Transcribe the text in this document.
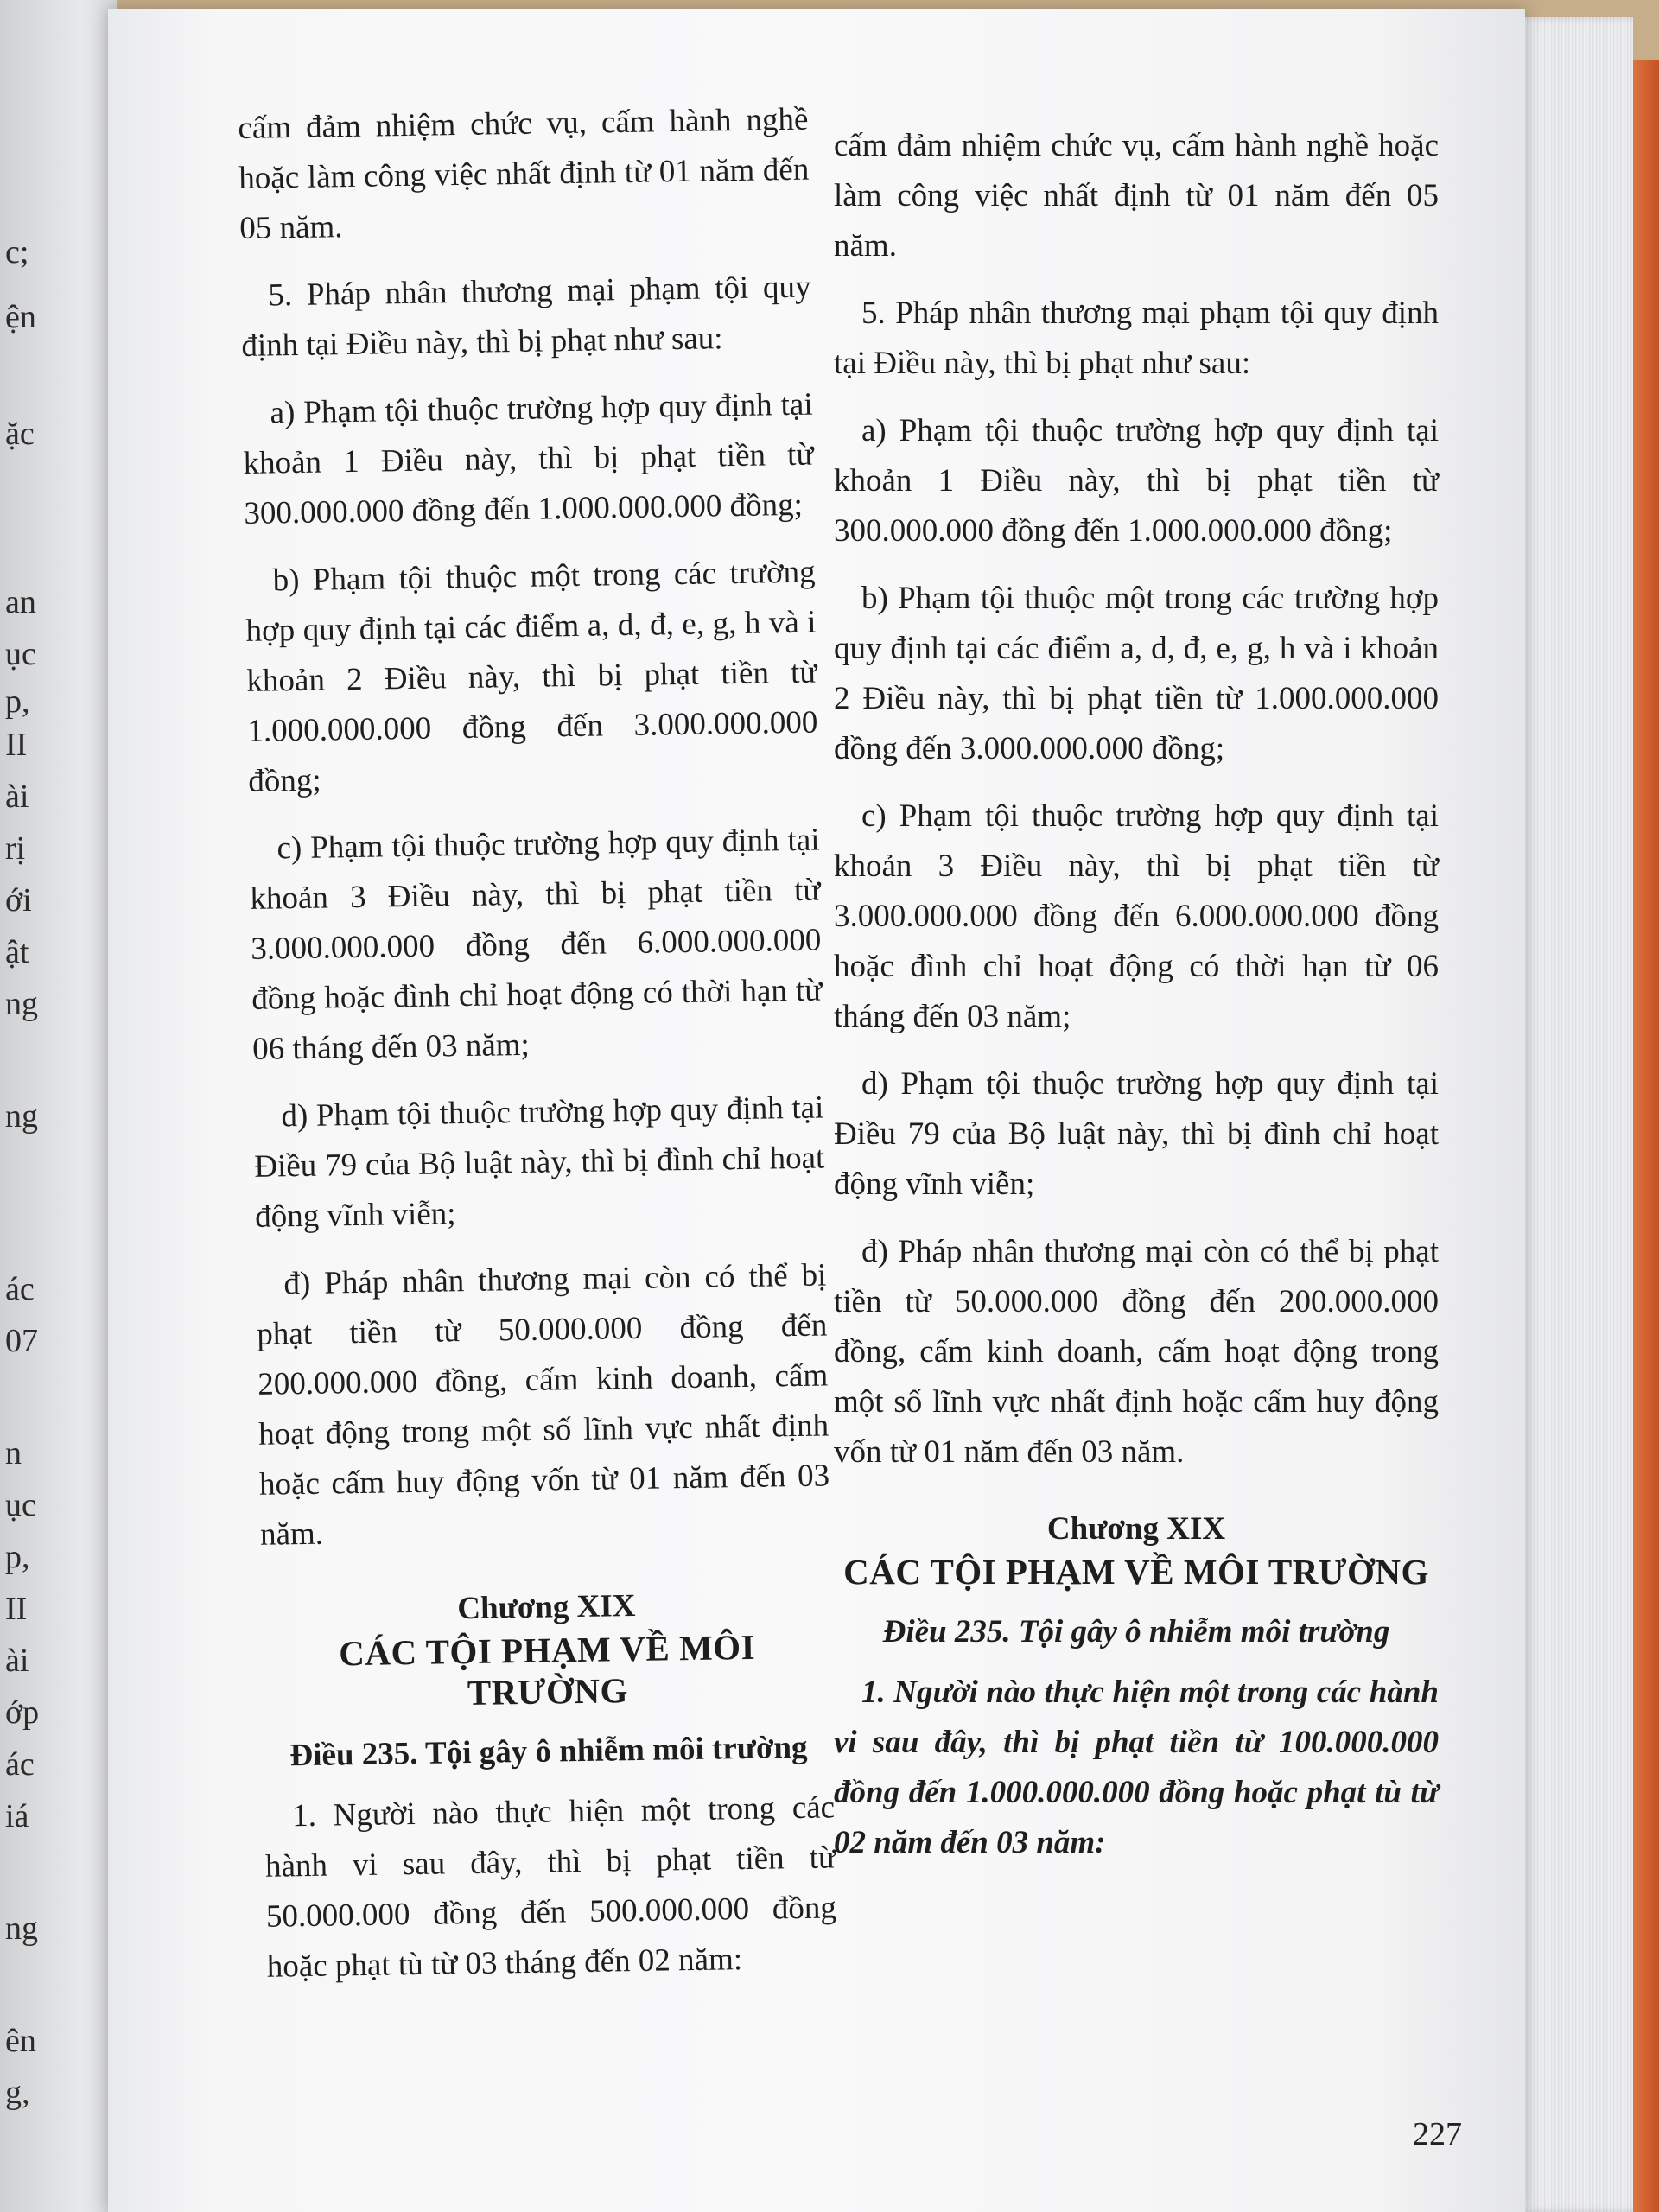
c;
ện
ặc
an
ục
p,
II
ài
rị
ới
ật
ng
ng
ác
07
n
ục
p,
II
ài
ớp
ác
iá
ng
ên
g,

cấm đảm nhiệm chức vụ, cấm hành nghề hoặc làm công việc nhất định từ 01 năm đến 05 năm.

5. Pháp nhân thương mại phạm tội quy định tại Điều này, thì bị phạt như sau:

a) Phạm tội thuộc trường hợp quy định tại khoản 1 Điều này, thì bị phạt tiền từ 300.000.000 đồng đến 1.000.000.000 đồng;

b) Phạm tội thuộc một trong các trường hợp quy định tại các điểm a, d, đ, e, g, h và i khoản 2 Điều này, thì bị phạt tiền từ 1.000.000.000 đồng đến 3.000.000.000 đồng;

c) Phạm tội thuộc trường hợp quy định tại khoản 3 Điều này, thì bị phạt tiền từ 3.000.000.000 đồng đến 6.000.000.000 đồng hoặc đình chỉ hoạt động có thời hạn từ 06 tháng đến 03 năm;

d) Phạm tội thuộc trường hợp quy định tại Điều 79 của Bộ luật này, thì bị đình chỉ hoạt động vĩnh viễn;

đ) Pháp nhân thương mại còn có thể bị phạt tiền từ 50.000.000 đồng đến 200.000.000 đồng, cấm kinh doanh, cấm hoạt động trong một số lĩnh vực nhất định hoặc cấm huy động vốn từ 01 năm đến 03 năm.

Chương XIX
CÁC TỘI PHẠM VỀ MÔI TRƯỜNG
Điều 235. Tội gây ô nhiễm môi trường

1. Người nào thực hiện một trong các hành vi sau đây, thì bị phạt tiền từ 50.000.000 đồng đến 500.000.000 đồng hoặc phạt tù từ 03 tháng đến 02 năm:

cấm đảm nhiệm chức vụ, cấm hành nghề hoặc làm công việc nhất định từ 01 năm đến 05 năm.

5. Pháp nhân thương mại phạm tội quy định tại Điều này, thì bị phạt như sau:

a) Phạm tội thuộc trường hợp quy định tại khoản 1 Điều này, thì bị phạt tiền từ 300.000.000 đồng đến 1.000.000.000 đồng;

b) Phạm tội thuộc một trong các trường hợp quy định tại các điểm a, d, đ, e, g, h và i khoản 2 Điều này, thì bị phạt tiền từ 1.000.000.000 đồng đến 3.000.000.000 đồng;

c) Phạm tội thuộc trường hợp quy định tại khoản 3 Điều này, thì bị phạt tiền từ 3.000.000.000 đồng đến 6.000.000.000 đồng hoặc đình chỉ hoạt động có thời hạn từ 06 tháng đến 03 năm;

d) Phạm tội thuộc trường hợp quy định tại Điều 79 của Bộ luật này, thì bị đình chỉ hoạt động vĩnh viễn;

đ) Pháp nhân thương mại còn có thể bị phạt tiền từ 50.000.000 đồng đến 200.000.000 đồng, cấm kinh doanh, cấm hoạt động trong một số lĩnh vực nhất định hoặc cấm huy động vốn từ 01 năm đến 03 năm.

Chương XIX
CÁC TỘI PHẠM VỀ MÔI TRƯỜNG
Điều 235. Tội gây ô nhiễm môi trường

1. Người nào thực hiện một trong các hành vi sau đây, thì bị phạt tiền từ 100.000.000 đồng đến 1.000.000.000 đồng hoặc phạt tù từ 02 năm đến 03 năm:

227
